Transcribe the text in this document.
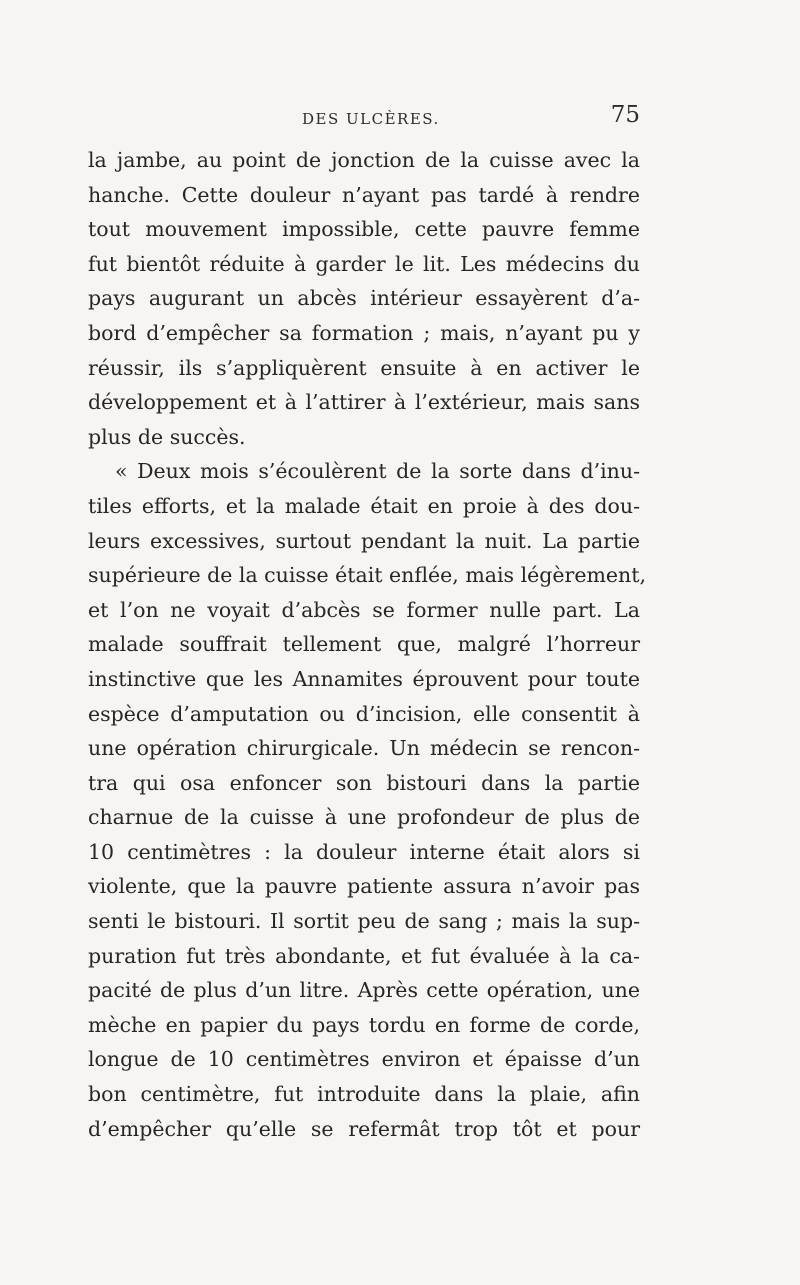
DES ULCÈRES.	75
la jambe, au point de jonction de la cuisse avec la
hanche. Cette douleur n’ayant pas tardé à rendre
tout mouvement impossible, cette pauvre femme
fut bientôt réduite à garder le lit. Les médecins du
pays augurant un abcès intérieur essayèrent d’a-
bord d’empêcher sa formation ; mais, n’ayant pu y
réussir, ils s’appliquèrent ensuite à en activer le
développement et à l’attirer à l’extérieur, mais sans
plus de succès.
« Deux mois s’écoulèrent de la sorte dans d’inu-
tiles efforts, et la malade était en proie à des dou-
leurs excessives, surtout pendant la nuit. La partie
supérieure de la cuisse était enflée, mais légèrement,
et l’on ne voyait d’abcès se former nulle part. La
malade souffrait tellement que, malgré l’horreur
instinctive que les Annamites éprouvent pour toute
espèce d’amputation ou d’incision, elle consentit à
une opération chirurgicale. Un médecin se rencon-
tra qui osa enfoncer son bistouri dans la partie
charnue de la cuisse à une profondeur de plus de
10 centimètres : la douleur interne était alors si
violente, que la pauvre patiente assura n’avoir pas
senti le bistouri. Il sortit peu de sang ; mais la sup-
puration fut très abondante, et fut évaluée à la ca-
pacité de plus d’un litre. Après cette opération, une
mèche en papier du pays tordu en forme de corde,
longue de 10 centimètres environ et épaisse d’un
bon centimètre, fut introduite dans la plaie, afin
d’empêcher qu’elle se refermât trop tôt et pour
